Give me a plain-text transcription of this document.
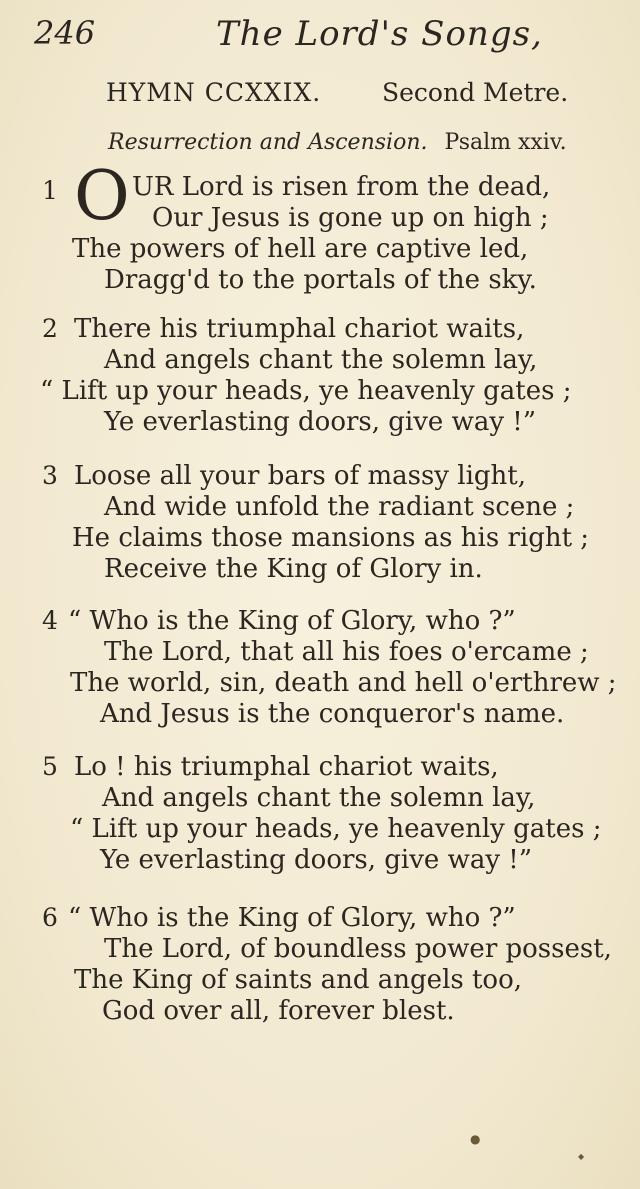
246	The Lord's Songs,
HYMN CCXXIX. Second Metre.
Resurrection and Ascension. Psalm xxiv.
1 O UR Lord is risen from the dead,
Our Jesus is gone up on high ;
The powers of hell are captive led,
Dragg'd to the portals of the sky.
2 There his triumphal chariot waits,
And angels chant the solemn lay,
“ Lift up your heads, ye heavenly gates ;
Ye everlasting doors, give way !”
3 Loose all your bars of massy light,
And wide unfold the radiant scene ;
He claims those mansions as his right ;
Receive the King of Glory in.
4 “ Who is the King of Glory, who ?”
The Lord, that all his foes o'ercame ;
The world, sin, death and hell o'erthrew ;
And Jesus is the conqueror's name.
5 Lo ! his triumphal chariot waits,
And angels chant the solemn lay,
“ Lift up your heads, ye heavenly gates ;
Ye everlasting doors, give way !”
6 “ Who is the King of Glory, who ?”
The Lord, of boundless power possest,
The King of saints and angels too,
God over all, forever blest.
●
◆
